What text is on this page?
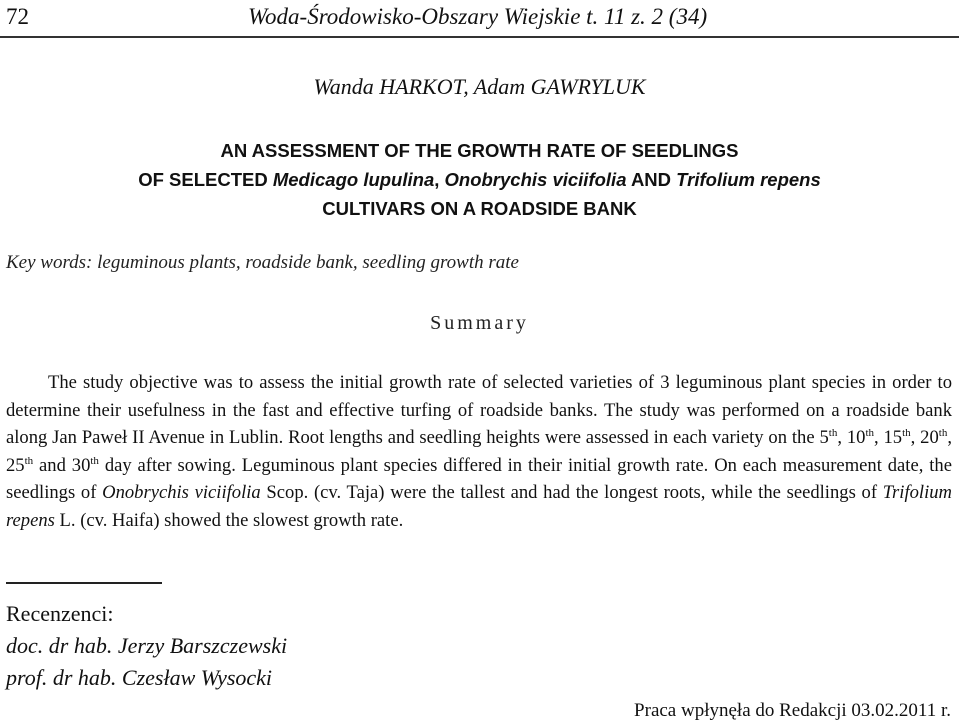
72	Woda-Środowisko-Obszary Wiejskie t. 11 z. 2 (34)
Wanda HARKOT, Adam GAWRYLUK
AN ASSESSMENT OF THE GROWTH RATE OF SEEDLINGS
OF SELECTED Medicago lupulina, Onobrychis viciifolia AND Trifolium repens
CULTIVARS ON A ROADSIDE BANK
Key words: leguminous plants, roadside bank, seedling growth rate
Summary
The study objective was to assess the initial growth rate of selected varieties of 3 leguminous plant species in order to determine their usefulness in the fast and effective turfing of roadside banks. The study was performed on a roadside bank along Jan Paweł II Avenue in Lublin. Root lengths and seedling heights were assessed in each variety on the 5th, 10th, 15th, 20th, 25th and 30th day after sowing. Leguminous plant species differed in their initial growth rate. On each measurement date, the seedlings of Onobrychis viciifolia Scop. (cv. Taja) were the tallest and had the longest roots, while the seedlings of Trifolium repens L. (cv. Haifa) showed the slowest growth rate.
Recenzenci:
doc. dr hab. Jerzy Barszczewski
prof. dr hab. Czesław Wysocki
Praca wpłynęła do Redakcji 03.02.2011 r.
